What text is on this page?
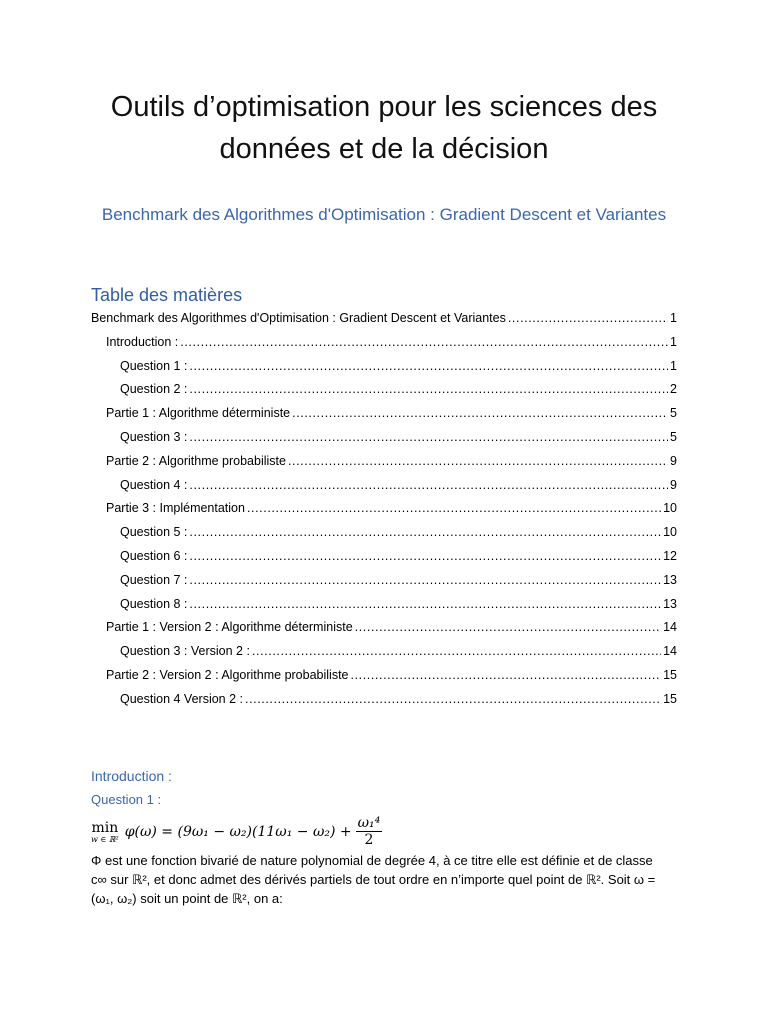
Outils d’optimisation pour les sciences des données et de la décision
Benchmark des Algorithmes d'Optimisation : Gradient Descent et Variantes
Table des matières
Benchmark des Algorithmes d'Optimisation : Gradient Descent et Variantes .....	1
Introduction : .....	1
Question 1 : .....	1
Question 2 : .....	2
Partie 1 : Algorithme déterministe .....	5
Question 3 : .....	5
Partie 2 : Algorithme probabiliste .....	9
Question 4 : .....	9
Partie 3 : Implémentation .....	10
Question 5 : .....	10
Question 6 : .....	12
Question 7 : .....	13
Question 8 : .....	13
Partie 1 : Version 2 : Algorithme déterministe .....	14
Question 3 : Version 2 : .....	14
Partie 2 : Version 2 : Algorithme probabiliste .....	15
Question 4 Version 2 : .....	15
Introduction :
Question 1 :
min
w ∈ ℝ² $\varphi(\omega) = (9\omega_1 - \omega_2)(11\omega_1 - \omega_2) + \frac{\text{ω₁⁴}}{2}$
Φ est une fonction bivarié de nature polynomial de degrée 4, à ce titre elle est définie et de classe
c∞ sur ℝ², et donc admet des dérivés partiels de tout ordre en n’importe quel point de ℝ². Soit ω =
(ω₁, ω₂) soit un point de ℝ², on a:
